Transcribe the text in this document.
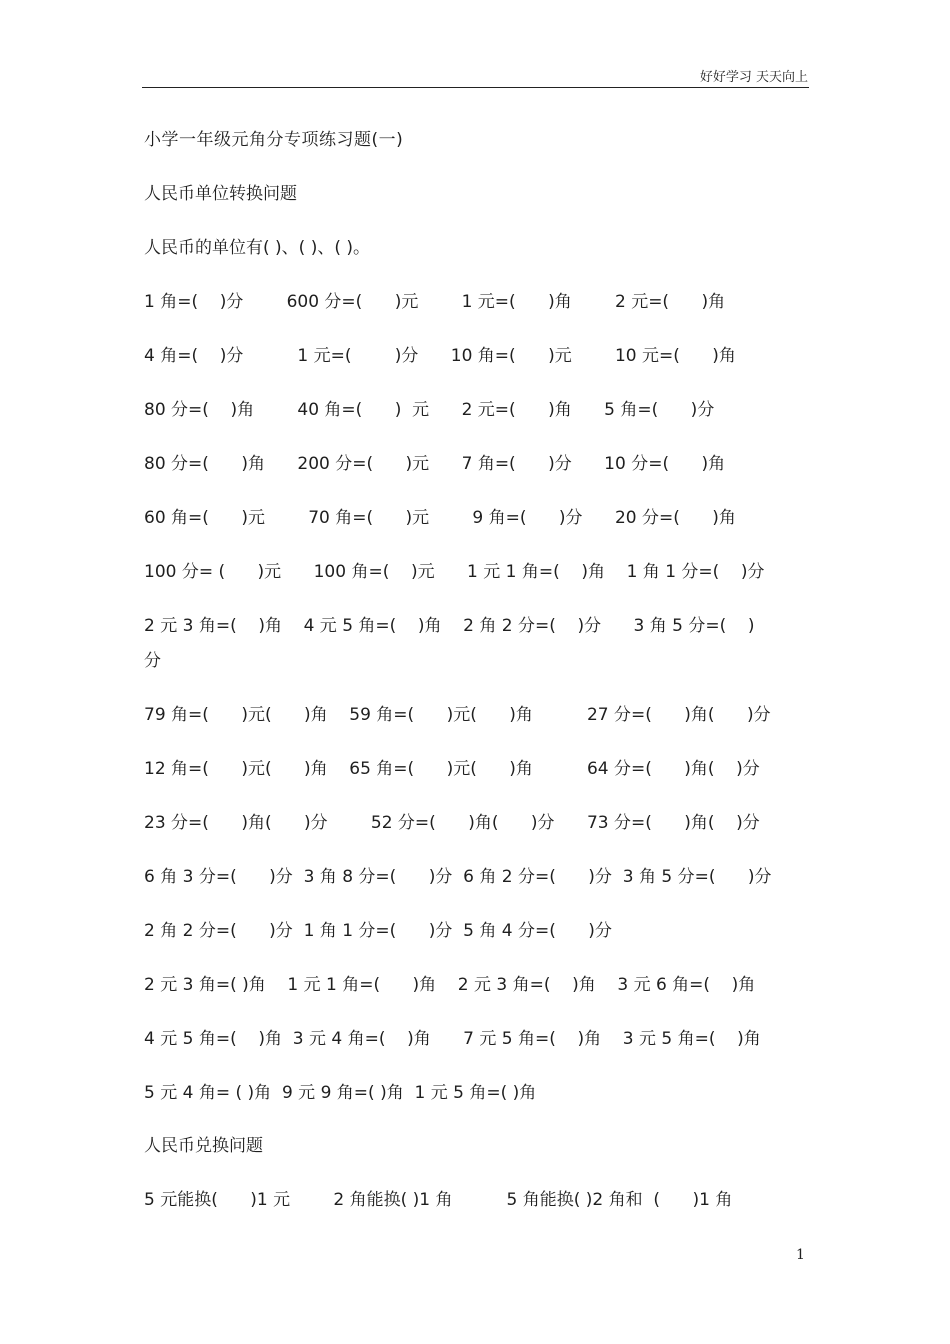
好好学习 天天向上
小学一年级元角分专项练习题(一)
人民币单位转换问题
人民币的单位有( )、( )、( )。
1 角=(    )分        600 分=(      )元        1 元=(      )角        2 元=(      )角
4 角=(    )分          1 元=(        )分      10 角=(      )元        10 元=(      )角
80 分=(    )角        40 角=(      )  元      2 元=(      )角      5 角=(      )分
80 分=(      )角      200 分=(      )元      7 角=(      )分      10 分=(      )角
60 角=(      )元        70 角=(      )元        9 角=(      )分      20 分=(      )角
100 分= (      )元      100 角=(    )元      1 元 1 角=(    )角    1 角 1 分=(    )分
2 元 3 角=(    )角    4 元 5 角=(    )角    2 角 2 分=(    )分      3 角 5 分=(    )
分
79 角=(      )元(      )角    59 角=(      )元(      )角          27 分=(      )角(      )分
12 角=(      )元(      )角    65 角=(      )元(      )角          64 分=(      )角(    )分
23 分=(      )角(      )分        52 分=(      )角(      )分      73 分=(      )角(    )分
6 角 3 分=(      )分  3 角 8 分=(      )分  6 角 2 分=(      )分  3 角 5 分=(      )分
2 角 2 分=(      )分  1 角 1 分=(      )分  5 角 4 分=(      )分
2 元 3 角=( )角    1 元 1 角=(      )角    2 元 3 角=(    )角    3 元 6 角=(    )角
4 元 5 角=(    )角  3 元 4 角=(    )角      7 元 5 角=(    )角    3 元 5 角=(    )角
5 元 4 角= ( )角  9 元 9 角=( )角  1 元 5 角=( )角
人民币兑换问题
5 元能换(      )1 元        2 角能换( )1 角          5 角能换( )2 角和  (      )1 角
1
